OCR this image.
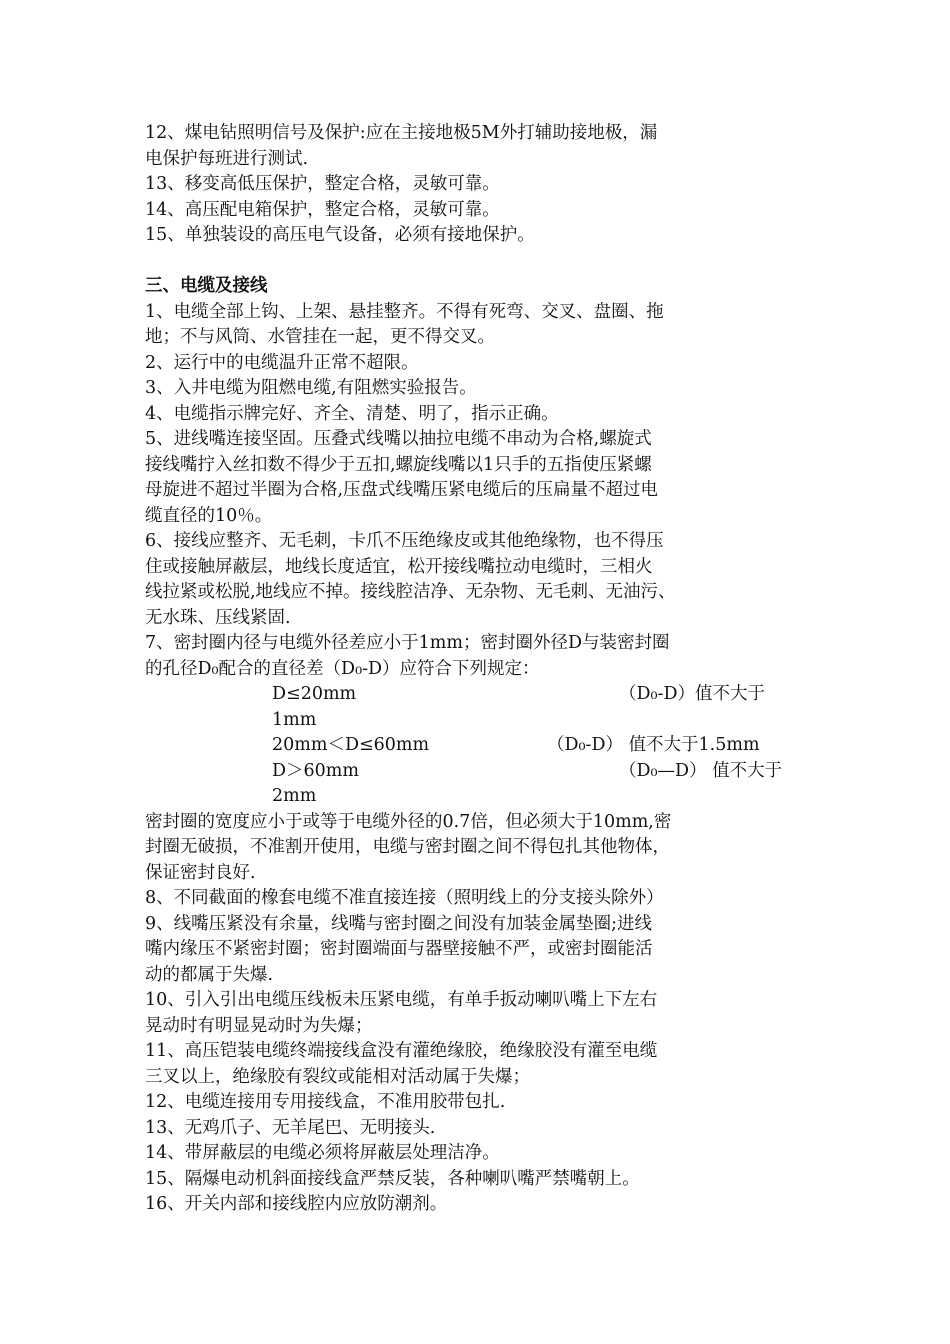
12、煤电钻照明信号及保护:应在主接地极5M外打辅助接地极，漏
电保护每班进行测试.
13、移变高低压保护，整定合格，灵敏可靠。
14、高压配电箱保护，整定合格，灵敏可靠。
15、单独装设的高压电气设备，必须有接地保护。
三、电缆及接线
1、电缆全部上钩、上架、悬挂整齐。不得有死弯、交叉、盘圈、拖
地；不与风筒、水管挂在一起，更不得交叉。
2、运行中的电缆温升正常不超限。
3、入井电缆为阻燃电缆,有阻燃实验报告。
4、电缆指示牌完好、齐全、清楚、明了，指示正确。
5、进线嘴连接坚固。压叠式线嘴以抽拉电缆不串动为合格,螺旋式
接线嘴拧入丝扣数不得少于五扣,螺旋线嘴以1只手的五指使压紧螺
母旋进不超过半圈为合格,压盘式线嘴压紧电缆后的压扁量不超过电
缆直径的10％。
6、接线应整齐、无毛刺，卡爪不压绝缘皮或其他绝缘物，也不得压
住或接触屏蔽层，地线长度适宜，松开接线嘴拉动电缆时，三相火
线拉紧或松脱,地线应不掉。接线腔洁净、无杂物、无毛刺、无油污、
无水珠、压线紧固.
7、密封圈内径与电缆外径差应小于1mm；密封圈外径D与装密封圈
的孔径D₀配合的直径差（D₀-D）应符合下列规定：
D≤20mm	（D₀-D）值不大于
1mm
20mm＜D≤60mm	（D₀-D） 值不大于1.5mm
D＞60mm	（D₀—D） 值不大于
2mm
密封圈的宽度应小于或等于电缆外径的0.7倍，但必须大于10mm,密
封圈无破损，不准割开使用，电缆与密封圈之间不得包扎其他物体，
保证密封良好.
8、不同截面的橡套电缆不准直接连接（照明线上的分支接头除外）
9、线嘴压紧没有余量，线嘴与密封圈之间没有加装金属垫圈;进线
嘴内缘压不紧密封圈；密封圈端面与器壁接触不严，或密封圈能活
动的都属于失爆.
10、引入引出电缆压线板未压紧电缆，有单手扳动喇叭嘴上下左右
晃动时有明显晃动时为失爆；
11、高压铠装电缆终端接线盒没有灌绝缘胶，绝缘胶没有灌至电缆
三叉以上，绝缘胶有裂纹或能相对活动属于失爆；
12、电缆连接用专用接线盒，不准用胶带包扎.
13、无鸡爪子、无羊尾巴、无明接头.
14、带屏蔽层的电缆必须将屏蔽层处理洁净。
15、隔爆电动机斜面接线盒严禁反装，各种喇叭嘴严禁嘴朝上。
16、开关内部和接线腔内应放防潮剂。
